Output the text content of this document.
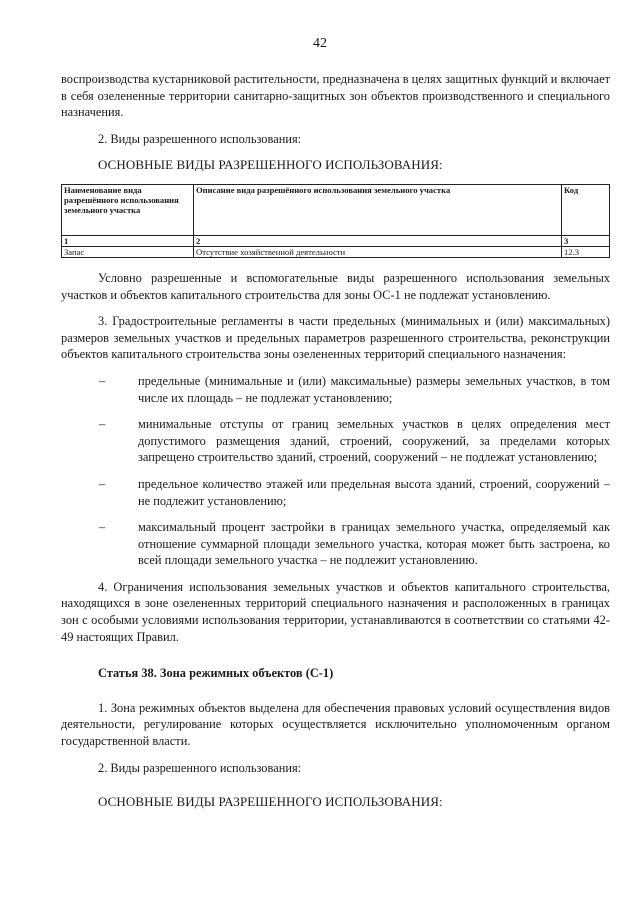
42

воспроизводства кустарниковой растительности, предназначена в целях защитных функций и включает в себя озелененные территории санитарно-защитных зон объектов производственного и специального назначения.

2. Виды разрешенного использования:

ОСНОВНЫЕ ВИДЫ РАЗРЕШЕННОГО ИСПОЛЬЗОВАНИЯ:

Наименование вида разрешённого использования земельного участка	Описание вида разрешённого использования земельного участка	Код
1	2	3
Запас	Отсутствие хозяйственной деятельности	12.3

Условно разрешенные и вспомогательные виды разрешенного использования земельных участков и объектов капитального строительства для зоны ОС-1 не подлежат установлению.

3. Градостроительные регламенты в части предельных (минимальных и (или) максимальных) размеров земельных участков и предельных параметров разрешенного строительства, реконструкции объектов капитального строительства зоны озелененных территорий специального назначения:

–	предельные (минимальные и (или) максимальные) размеры земельных участков, в том числе их площадь – не подлежат установлению;

–	минимальные отступы от границ земельных участков в целях определения мест допустимого размещения зданий, строений, сооружений, за пределами которых запрещено строительство зданий, строений, сооружений – не подлежат установлению;

–	предельное количество этажей или предельная высота зданий, строений, сооружений – не подлежит установлению;

–	максимальный процент застройки в границах земельного участка, определяемый как отношение суммарной площади земельного участка, которая может быть застроена, ко всей площади земельного участка – не подлежит установлению.

4. Ограничения использования земельных участков и объектов капитального строительства, находящихся в зоне озелененных территорий специального назначения и расположенных в границах зон с особыми условиями использования территории, устанавливаются в соответствии со статьями 42-49 настоящих Правил.

Статья 38. Зона режимных объектов (С-1)

1. Зона режимных объектов выделена для обеспечения правовых условий осуществления видов деятельности, регулирование которых осуществляется исключительно уполномоченным органом государственной власти.

2. Виды разрешенного использования:

ОСНОВНЫЕ ВИДЫ РАЗРЕШЕННОГО ИСПОЛЬЗОВАНИЯ:
